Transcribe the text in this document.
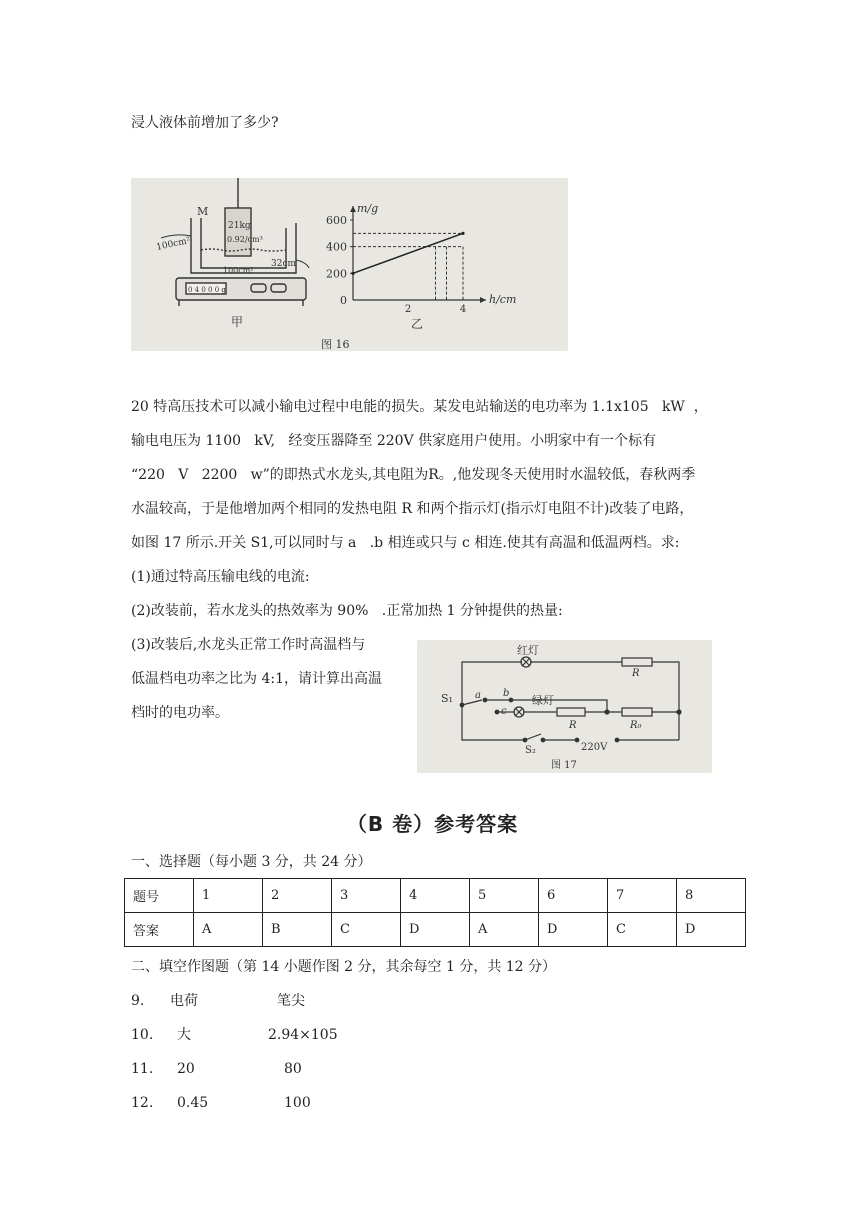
浸人液体前增加了多少?
M
100cm²
21kg
0.92/cm³
32cm
100cm²
0 4 0 0 0 g
甲
600
400
200
0
2	4
m/g
h/cm
乙
图 16
20 特高压技术可以减小输电过程中电能的损失。某发电站输送的电功率为 1.1x105   kW  ，
输电电压为 1100   kV,   经变压器降至 220V 供家庭用户使用。小明家中有一个标有
“220   V   2200   w”的即热式水龙头,其电阻为R。,他发现冬天使用时水温较低，春秋两季
水温较高，于是他增加两个相同的发热电阻 R 和两个指示灯(指示灯电阻不计)改装了电路，
如图 17 所示.开关 S1,可以同时与 a   .b 相连或只与 c 相连.使其有高温和低温两档。求:
(1)通过特高压输电线的电流:
(2)改装前，若水龙头的热效率为 90%   .正常加热 1 分钟提供的热量:
(3)改装后,水龙头正常工作时高温档与
低温档电功率之比为 4:1，请计算出高温
档时的电功率。
红灯
绿灯
R
R	R₀
S₁ a b
c
S₂	220V
图 17
（B 卷）参考答案
一、选择题（每小题 3 分，共 24 分）
题号	1	2	3	4	5	6	7	8
答案	A	B	C	D	A	D	C	D
二、填空作图题（第 14 小题作图 2 分，其余每空 1 分，共 12 分）
9. 电荷	笔尖
10. 大	2.94×105
11. 20	80
12. 0.45	100
